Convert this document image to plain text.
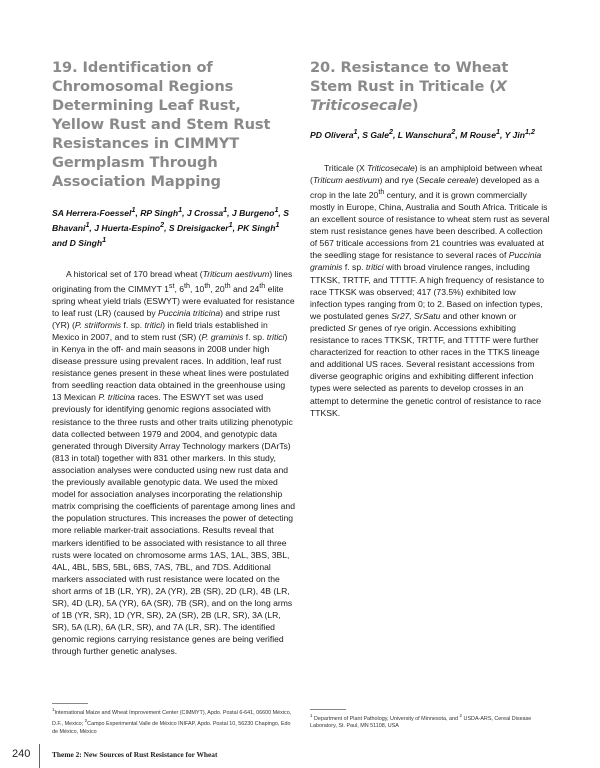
19. Identification of Chromosomal Regions Determining Leaf Rust, Yellow Rust and Stem Rust Resistances in CIMMYT Germplasm Through Association Mapping

SA Herrera-Foessel$^1$, RP Singh$^1$, J Crossa$^1$, J Burgeno$^1$, S Bhavani$^1$, J Huerta-Espino$^2$, S Dreisigacker$^1$, PK Singh$^1$ and D Singh$^1$

A historical set of 170 bread wheat (Triticum aestivum) lines originating from the CIMMYT 1st, 6th, 10th, 20th and 24th elite spring wheat yield trials (ESWYT) were evaluated for resistance to leaf rust (LR) (caused by Puccinia triticina) and stripe rust (YR) (P. striiformis f. sp. tritici) in field trials established in Mexico in 2007, and to stem rust (SR) (P. graminis f. sp. tritici) in Kenya in the off- and main seasons in 2008 under high disease pressure using prevalent races. In addition, leaf rust resistance genes present in these wheat lines were postulated from seedling reaction data obtained in the greenhouse using 13 Mexican P. triticina races. The ESWYT set was used previously for identifying genomic regions associated with resistance to the three rusts and other traits utilizing phenotypic data collected between 1979 and 2004, and genotypic data generated through Diversity Array Technology markers (DArTs) (813 in total) together with 831 other markers. In this study, association analyses were conducted using new rust data and the previously available genotypic data. We used the mixed model for association analyses incorporating the relationship matrix comprising the coefficients of parentage among lines and the population structures. This increases the power of detecting more reliable marker-trait associations. Results reveal that markers identified to be associated with resistance to all three rusts were located on chromosome arms 1AS, 1AL, 3BS, 3BL, 4AL, 4BL, 5BS, 5BL, 6BS, 7AS, 7BL, and 7DS. Additional markers associated with rust resistance were located on the short arms of 1B (LR, YR), 2A (YR), 2B (SR), 2D (LR), 4B (LR, SR), 4D (LR), 5A (YR), 6A (SR), 7B (SR), and on the long arms of 1B (YR, SR), 1D (YR, SR), 2A (SR), 2B (LR, SR), 3A (LR, SR), 5A (LR), 6A (LR, SR), and 7A (LR, SR). The identified genomic regions carrying resistance genes are being verified through further genetic analyses.

20. Resistance to Wheat Stem Rust in Triticale (X Triticosecale)

PD Olivera$^1$, S Gale$^2$, L Wanschura$^2$, M Rouse$^1$, Y Jin$^{1,2}$

Triticale (X Triticosecale) is an amphiploid between wheat (Triticum aestivum) and rye (Secale cereale) developed as a crop in the late 20th century, and it is grown commercially mostly in Europe, China, Australia and South Africa. Triticale is an excellent source of resistance to wheat stem rust as several stem rust resistance genes have been described. A collection of 567 triticale accessions from 21 countries was evaluated at the seedling stage for resistance to several races of Puccinia graminis f. sp. tritici with broad virulence ranges, including TTKSK, TRTTF, and TTTTF. A high frequency of resistance to race TTKSK was observed; 417 (73.5%) exhibited low infection types ranging from 0; to 2. Based on infection types, we postulated genes Sr27, SrSatu and other known or predicted Sr genes of rye origin. Accessions exhibiting resistance to races TTKSK, TRTTF, and TTTTF were further characterized for reaction to other races in the TTKS lineage and additional US races. Several resistant accessions from diverse geographic origins and exhibiting different infection types were selected as parents to develop crosses in an attempt to determine the genetic control of resistance to race TTKSK.

$^1$International Maize and Wheat Improvement Center (CIMMYT), Apdo. Postal 6-641, 06600 México, D.F., Mexico; $^2$Campo Experimental Valle de México INIFAP, Apdo. Postal 10, 56230 Chapingo, Edo de México, México
$^1$ Department of Plant Pathology, University of Minnesota, and $^2$ USDA-ARS, Cereal Disease Laboratory, St. Paul, MN 51108, USA
240	Theme 2: New Sources of Rust Resistance for Wheat
